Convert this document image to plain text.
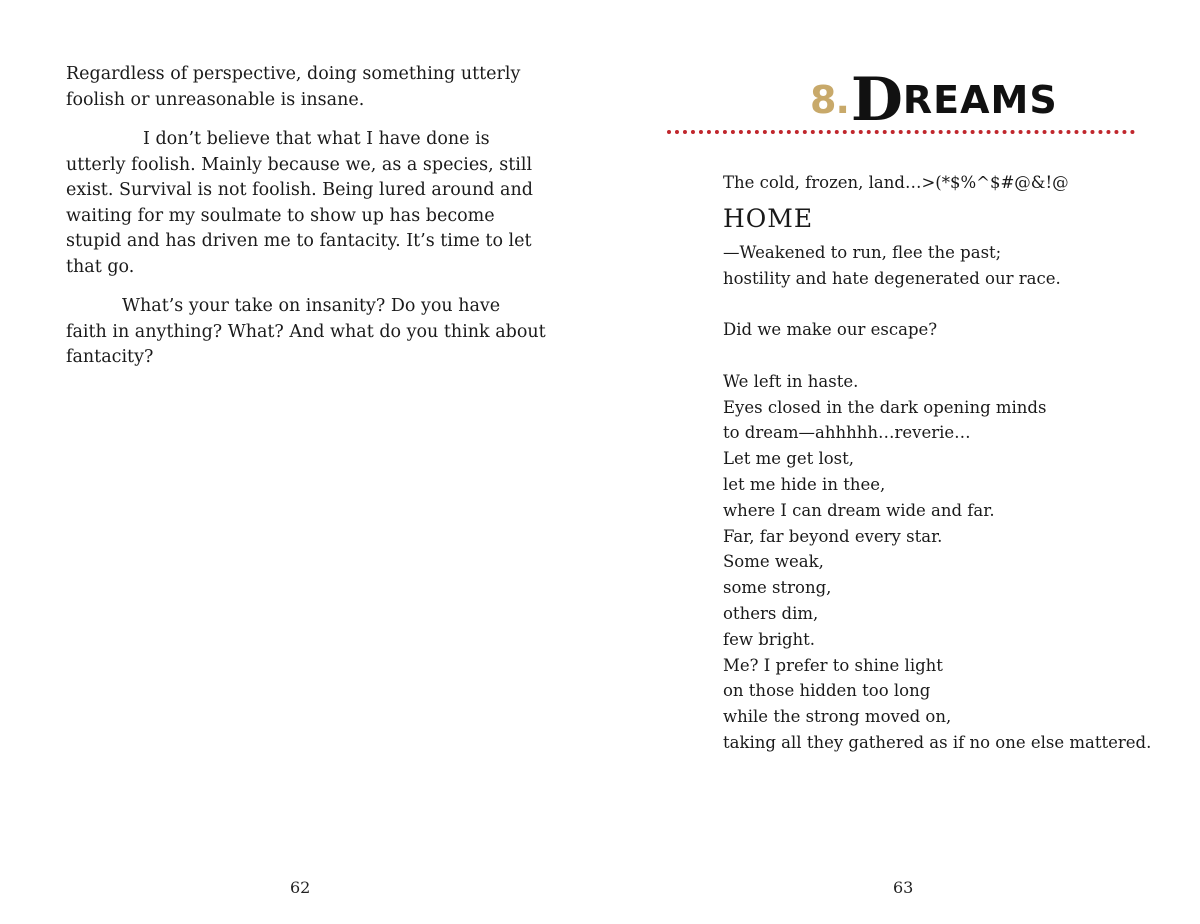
Regardless of perspective, doing something utterly foolish or unreasonable is insane.

I don’t believe that what I have done is utterly foolish. Mainly because we, as a species, still exist. Survival is not foolish. Being lured around and waiting for my soulmate to show up has become stupid and has driven me to fantacity. It’s time to let that go.

What’s your take on insanity? Do you have faith in anything? What? And what do you think about fantacity?

62
8. D REAMS
The cold, frozen, land…>(*$%^$#@&!@
HOME
—Weakened to run, flee the past;
hostility and hate degenerated our race.
Did we make our escape?
We left in haste.
Eyes closed in the dark opening minds
to dream—ahhhhh…reverie…
Let me get lost,
let me hide in thee,
where I can dream wide and far.
Far, far beyond every star.
Some weak,
some strong,
others dim,
few bright.
Me? I prefer to shine light
on those hidden too long
while the strong moved on,
taking all they gathered as if no one else mattered.
63
